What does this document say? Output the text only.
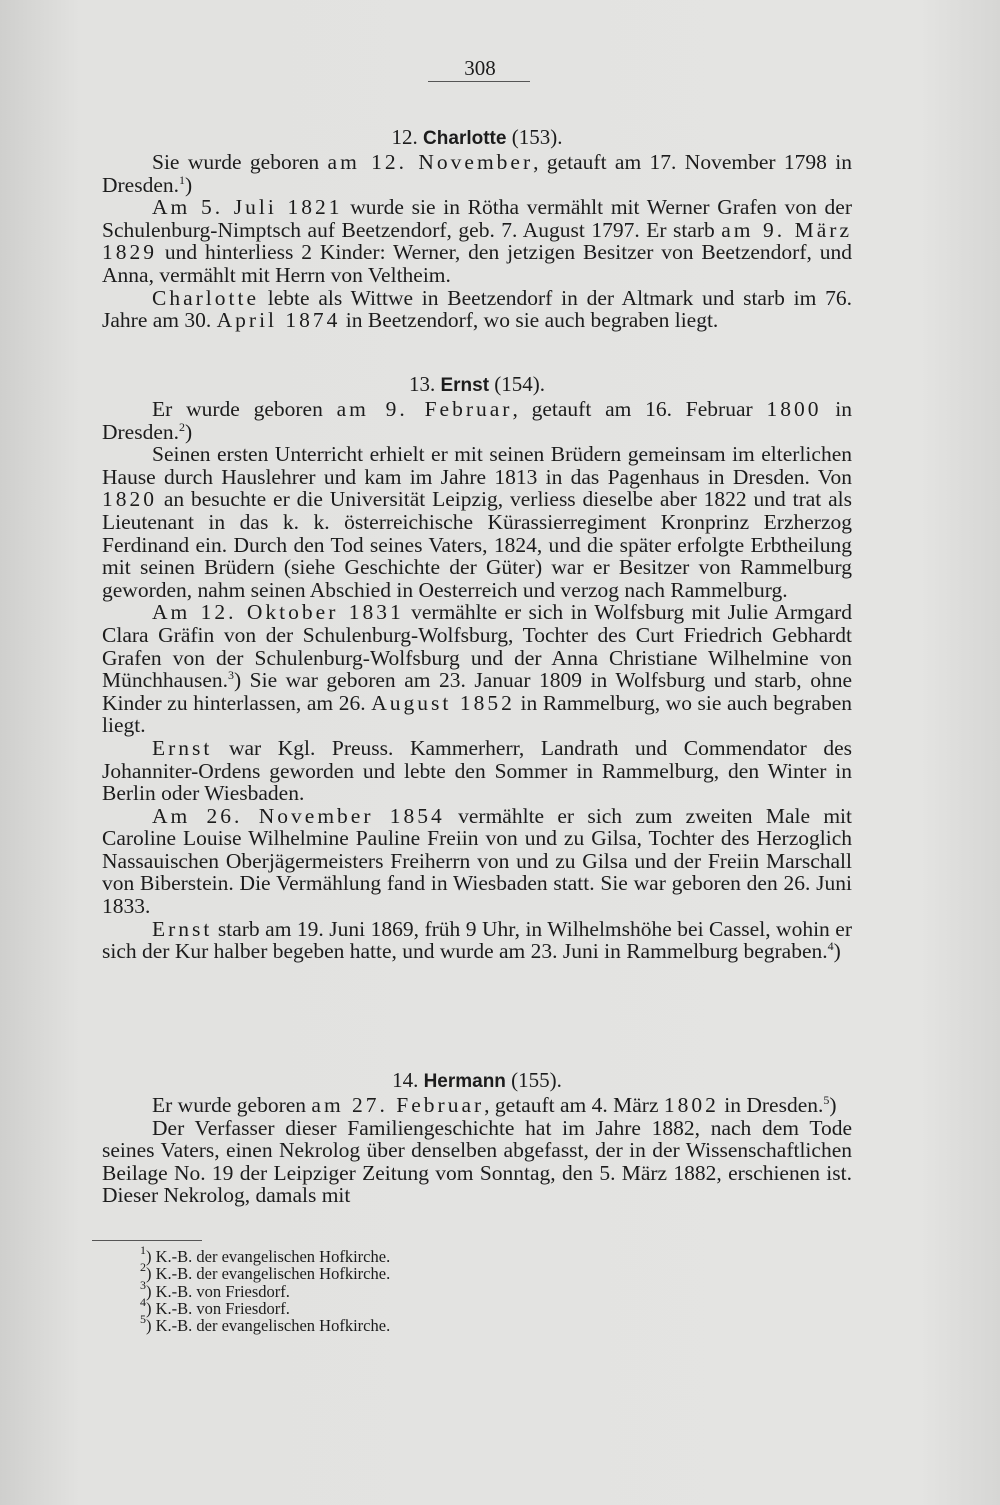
308
12. Charlotte (153).

Sie wurde geboren am 12. November, getauft am 17. November 1798 in Dresden.$^1$)

Am 5. Juli 1821 wurde sie in Rötha vermählt mit Werner Grafen von der Schulenburg-Nimptsch auf Beetzendorf, geb. 7. August 1797. Er starb am 9. März 1829 und hinterliess 2 Kinder: Werner, den jetzigen Besitzer von Beetzendorf, und Anna, vermählt mit Herrn von Veltheim.

Charlotte lebte als Wittwe in Beetzendorf in der Altmark und starb im 76. Jahre am 30. April 1874 in Beetzendorf, wo sie auch begraben liegt.

13. Ernst (154).

Er wurde geboren am 9. Februar, getauft am 16. Februar 1800 in Dresden.$^2$)

Seinen ersten Unterricht erhielt er mit seinen Brüdern gemeinsam im elterlichen Hause durch Hauslehrer und kam im Jahre 1813 in das Pagenhaus in Dresden. Von 1820 an besuchte er die Universität Leipzig, verliess dieselbe aber 1822 und trat als Lieutenant in das k. k. österreichische Kürassierregiment Kronprinz Erzherzog Ferdinand ein. Durch den Tod seines Vaters, 1824, und die später erfolgte Erbtheilung mit seinen Brüdern (siehe Geschichte der Güter) war er Besitzer von Rammelburg geworden, nahm seinen Abschied in Oesterreich und verzog nach Rammelburg.

Am 12. Oktober 1831 vermählte er sich in Wolfsburg mit Julie Armgard Clara Gräfin von der Schulenburg-Wolfsburg, Tochter des Curt Friedrich Gebhardt Grafen von der Schulenburg-Wolfsburg und der Anna Christiane Wilhelmine von Münchhausen.$^3$) Sie war geboren am 23. Januar 1809 in Wolfsburg und starb, ohne Kinder zu hinterlassen, am 26. August 1852 in Rammelburg, wo sie auch begraben liegt.

Ernst war Kgl. Preuss. Kammerherr, Landrath und Commendator des Johanniter-Ordens geworden und lebte den Sommer in Rammelburg, den Winter in Berlin oder Wiesbaden.

Am 26. November 1854 vermählte er sich zum zweiten Male mit Caroline Louise Wilhelmine Pauline Freiin von und zu Gilsa, Tochter des Herzoglich Nassauischen Oberjägermeisters Freiherrn von und zu Gilsa und der Freiin Marschall von Biberstein. Die Vermählung fand in Wiesbaden statt. Sie war geboren den 26. Juni 1833.

Ernst starb am 19. Juni 1869, früh 9 Uhr, in Wilhelmshöhe bei Cassel, wohin er sich der Kur halber begeben hatte, und wurde am 23. Juni in Rammelburg begraben.$^4$)

14. Hermann (155).

Er wurde geboren am 27. Februar, getauft am 4. März 1802 in Dresden.$^5$)

Der Verfasser dieser Familiengeschichte hat im Jahre 1882, nach dem Tode seines Vaters, einen Nekrolog über denselben abgefasst, der in der Wissenschaftlichen Beilage No. 19 der Leipziger Zeitung vom Sonntag, den 5. März 1882, erschienen ist. Dieser Nekrolog, damals mit

$^1$) K.-B. der evangelischen Hofkirche.
$^2$) K.-B. der evangelischen Hofkirche.
$^3$) K.-B. von Friesdorf.
$^4$) K.-B. von Friesdorf.
$^5$) K.-B. der evangelischen Hofkirche.
